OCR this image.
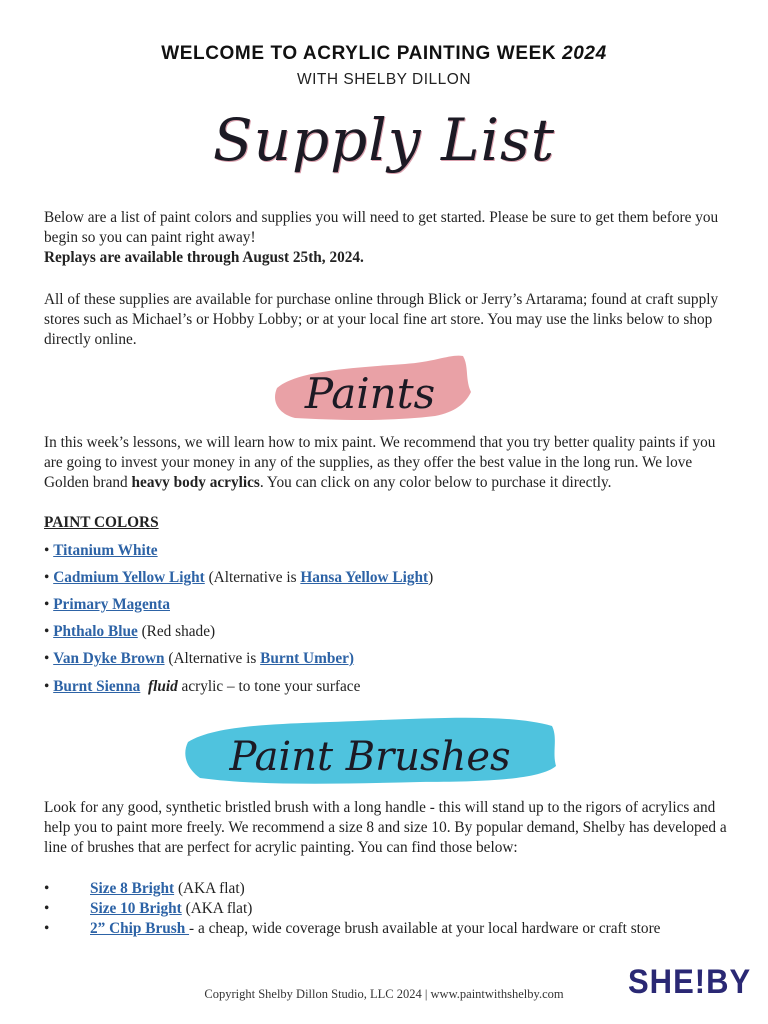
WELCOME TO ACRYLIC PAINTING WEEK 2024
WITH SHELBY DILLON
Supply List

Below are a list of paint colors and supplies you will need to get started. Please be sure to get them before you begin so you can paint right away!

Replays are available through August 25th, 2024.

All of these supplies are available for purchase online through Blick or Jerry’s Artarama; found at craft supply stores such as Michael’s or Hobby Lobby; or at your local fine art store. You may use the links below to shop directly online.
Paints
In this week’s lessons, we will learn how to mix paint. We recommend that you try better quality paints if you are going to invest your money in any of the supplies, as they offer the best value in the long run. We love Golden brand heavy body acrylics. You can click on any color below to purchase it directly.
PAINT COLORS
• Titanium White
• Cadmium Yellow Light (Alternative is Hansa Yellow Light)
• Primary Magenta
• Phthalo Blue (Red shade)
• Van Dyke Brown (Alternative is Burnt Umber)
• Burnt Sienna fluid acrylic – to tone your surface
Paint Brushes
Look for any good, synthetic bristled brush with a long handle - this will stand up to the rigors of acrylics and help you to paint more freely. We recommend a size 8 and size 10. By popular demand, Shelby has developed a line of brushes that are perfect for acrylic painting. You can find those below:
•	Size 8 Bright (AKA flat)
•	Size 10 Bright (AKA flat)
•	2” Chip Brush - a cheap, wide coverage brush available at your local hardware or craft store
Copyright Shelby Dillon Studio, LLC 2024 | www.paintwithshelby.com	SHE!BY
